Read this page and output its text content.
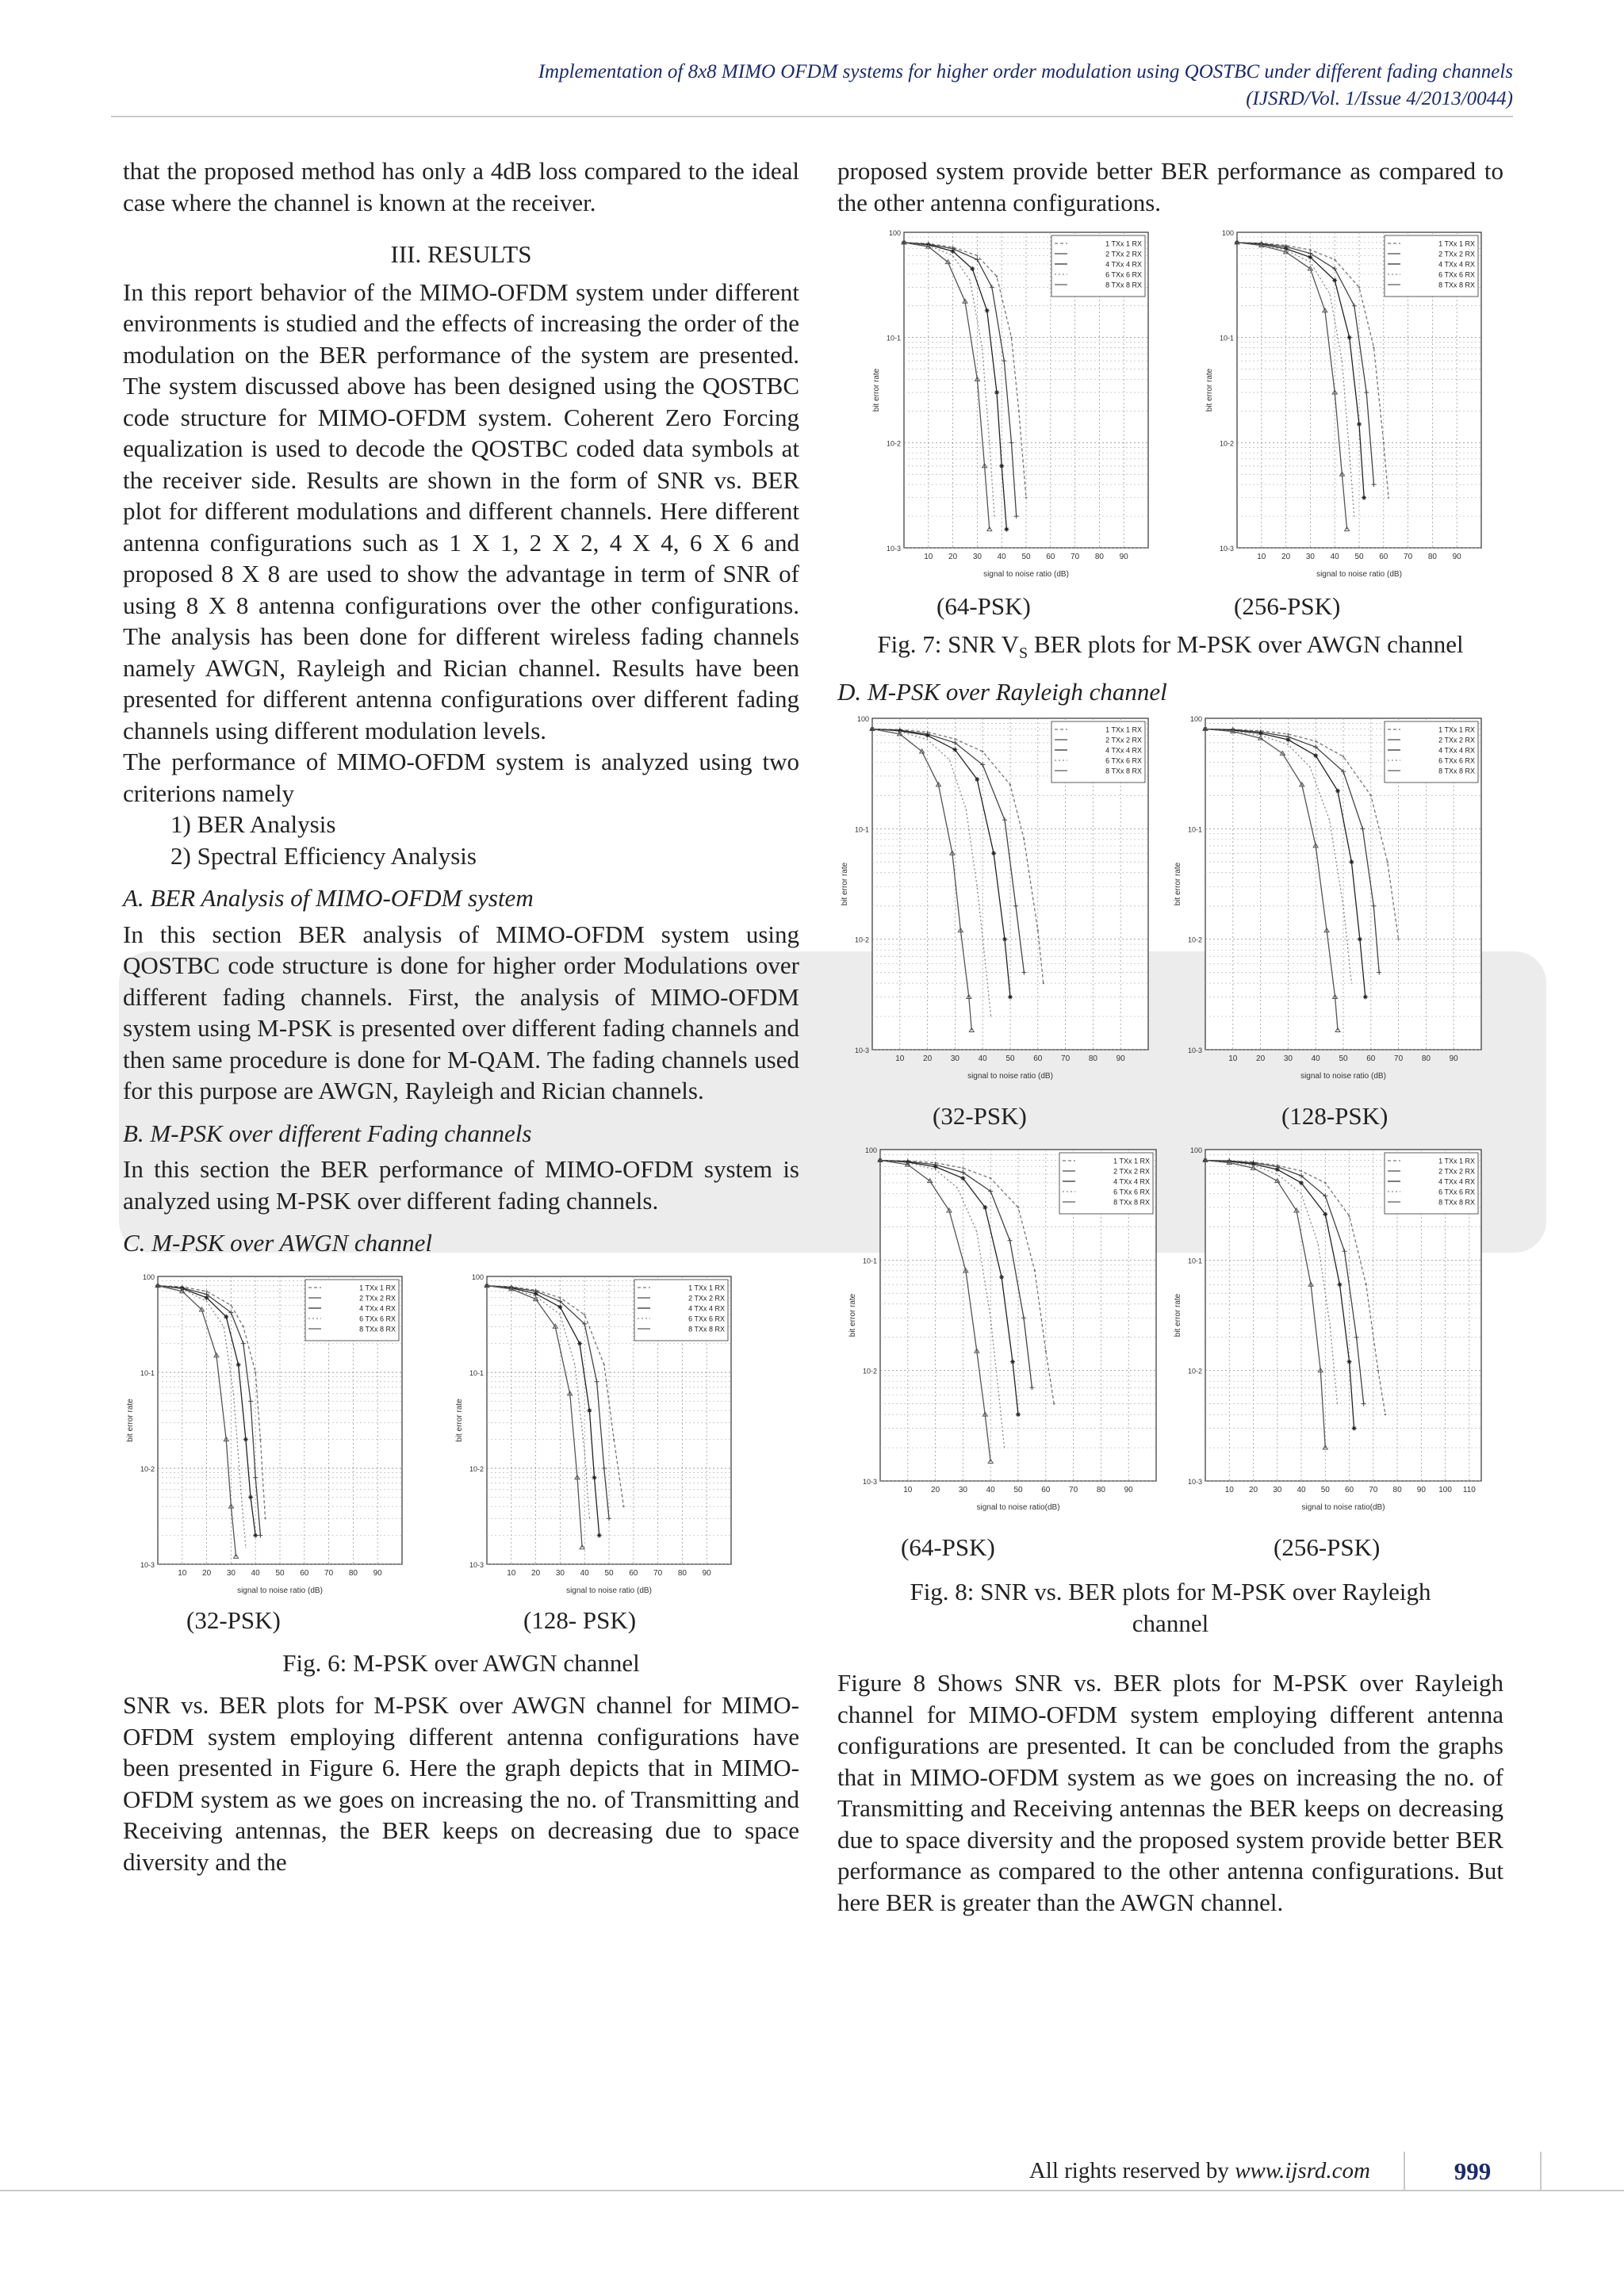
Implementation of 8x8 MIMO OFDM systems for higher order modulation using QOSTBC under different fading channels
(IJSRD/Vol. 1/Issue 4/2013/0044)

that the proposed method has only a 4dB loss compared to the ideal case where the channel is known at the receiver.

III. RESULTS

In this report behavior of the MIMO-OFDM system under different environments is studied and the effects of increasing the order of the modulation on the BER performance of the system are presented. The system discussed above has been designed using the QOSTBC code structure for MIMO-OFDM system. Coherent Zero Forcing equalization is used to decode the QOSTBC coded data symbols at the receiver side. Results are shown in the form of SNR vs. BER plot for different modulations and different channels. Here different antenna configurations such as 1 X 1, 2 X 2, 4 X 4, 6 X 6 and proposed 8 X 8 are used to show the advantage in term of SNR of using 8 X 8 antenna configurations over the other configurations. The analysis has been done for different wireless fading channels namely AWGN, Rayleigh and Rician channel. Results have been presented for different antenna configurations over different fading channels using different modulation levels.

The performance of MIMO-OFDM system is analyzed using two criterions namely

1) BER Analysis
2) Spectral Efficiency Analysis
A. BER Analysis of MIMO-OFDM system

In this section BER analysis of MIMO-OFDM system using QOSTBC code structure is done for higher order Modulations over different fading channels. First, the analysis of MIMO-OFDM system using M-PSK is presented over different fading channels and then same procedure is done for M-QAM. The fading channels used for this purpose are AWGN, Rayleigh and Rician channels.

B. M-PSK over different Fading channels

In this section the BER performance of MIMO-OFDM system is analyzed using M-PSK over different fading channels.

C. M-PSK over AWGN channel
10 20 30 40 50 60 70 80 90
100
10-1
10-2
10-3
signal to noise ratio (dB)
bit error rate
1 TXx 1 RX
2 TXx 2 RX
4 TXx 4 RX
6 TXx 6 RX
8 TXx 8 RX
10 20 30 40 50 60 70 80 90
100
10-1
10-2
10-3
signal to noise ratio (dB)
bit error rate
1 TXx 1 RX
2 TXx 2 RX
4 TXx 4 RX
6 TXx 6 RX
8 TXx 8 RX
(32-PSK)	(128- PSK)
Fig. 6: M-PSK over AWGN channel

SNR vs. BER plots for M-PSK over AWGN channel for MIMO-OFDM system employing different antenna configurations have been presented in Figure 6. Here the graph depicts that in MIMO-OFDM system as we goes on increasing the no. of Transmitting and Receiving antennas, the BER keeps on decreasing due to space diversity and the

proposed system provide better BER performance as compared to the other antenna configurations.

10 20 30 40 50 60 70 80 90
100
10-1
10-2
10-3
signal to noise ratio (dB)
bit error rate
1 TXx 1 RX
2 TXx 2 RX
4 TXx 4 RX
6 TXx 6 RX
8 TXx 8 RX
10 20 30 40 50 60 70 80 90
100
10-1
10-2
10-3
signal to noise ratio (dB)
bit error rate
1 TXx 1 RX
2 TXx 2 RX
4 TXx 4 RX
6 TXx 6 RX
8 TXx 8 RX
(64-PSK)	(256-PSK)
Fig. 7: SNR $V_S$ BER plots for M-PSK over AWGN channel
D. M-PSK over Rayleigh channel
10 20 30 40 50 60 70 80 90
100
10-1
10-2
10-3
signal to noise ratio (dB)
bit error rate
1 TXx 1 RX
2 TXx 2 RX
4 TXx 4 RX
6 TXx 6 RX
8 TXx 8 RX
10 20 30 40 50 60 70 80 90
100
10-1
10-2
10-3
signal to noise ratio (dB)
bit error rate
1 TXx 1 RX
2 TXx 2 RX
4 TXx 4 RX
6 TXx 6 RX
8 TXx 8 RX
(32-PSK)	(128-PSK)
10 20 30 40 50 60 70 80 90
100
10-1
10-2
10-3
signal to noise ratio(dB)
bit error rate
1 TXx 1 RX
2 TXx 2 RX
4 TXx 4 RX
6 TXx 6 RX
8 TXx 8 RX
10 20 30 40 50 60 70 80 90 100 110
100
10-1
10-2
10-3
signal to noise ratio(dB)
bit error rate
1 TXx 1 RX
2 TXx 2 RX
4 TXx 4 RX
6 TXx 6 RX
8 TXx 8 RX
(64-PSK)	(256-PSK)
Fig. 8: SNR vs. BER plots for M-PSK over Rayleigh
channel

Figure 8 Shows SNR vs. BER plots for M-PSK over Rayleigh channel for MIMO-OFDM system employing different antenna configurations are presented. It can be concluded from the graphs that in MIMO-OFDM system as we goes on increasing the no. of Transmitting and Receiving antennas the BER keeps on decreasing due to space diversity and the proposed system provide better BER performance as compared to the other antenna configurations. But here BER is greater than the AWGN channel.

All rights reserved by www.ijsrd.com	999
